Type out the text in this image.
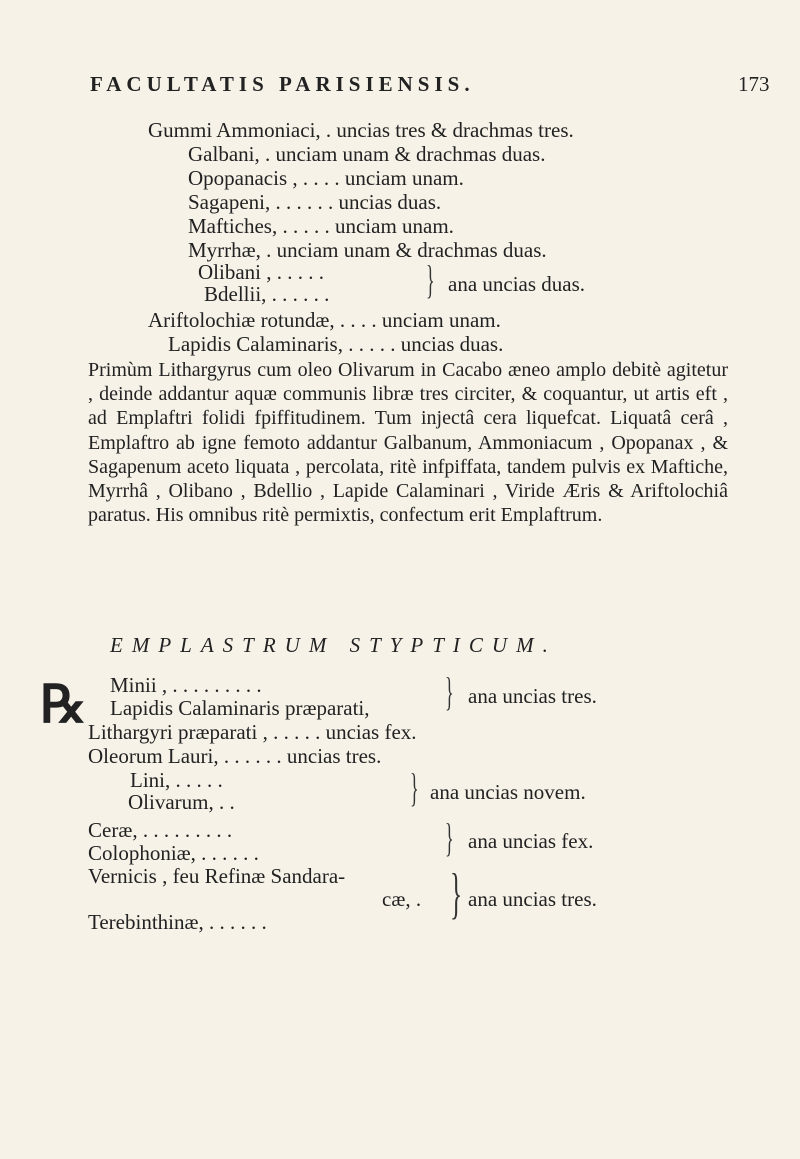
FACULTATIS PARISIENSIS.	173
Gummi Ammoniaci, . uncias tres & drachmas tres.
Galbani, . unciam unam & drachmas duas.
Opopanacis , . . . . unciam unam.
Sagapeni, . . . . . . uncias duas.
Maftiches, . . . . . unciam unam.
Myrrhæ, . unciam unam & drachmas duas.
Olibani , . . . . .
Bdellii, . . . . . . } ana uncias duas.
Ariftolochiæ rotundæ, . . . . unciam unam.
Lapidis Calaminaris, . . . . . uncias duas.
Primùm Lithargyrus cum oleo Olivarum in Cacabo æneo amplo debitè agitetur , deinde addantur aquæ communis libræ tres circiter, & coquantur, ut artis eft , ad Emplaftri folidi fpiffitudinem. Tum injectâ cera liquefcat. Liquatâ cerâ , Emplaftro ab igne femoto addantur Galbanum, Ammoniacum , Opopanax , & Sagapenum aceto liquata , percolata, ritè infpiffata, tandem pulvis ex Maftiche, Myrrhâ , Olibano , Bdellio , Lapide Calaminari , Viride Æris & Ariftolochiâ paratus. His omnibus ritè permixtis, confectum erit Emplaftrum.
EMPLASTRUM STYPTICUM.
℞ Minii , . . . . . . . . .
Lapidis Calaminaris præparati, } ana uncias tres.
Lithargyri præparati , . . . . . uncias fex.
Oleorum Lauri, . . . . . . uncias tres.
Lini, . . . . .
Olivarum, . .	} ana uncias novem.
Ceræ, . . . . . . . . .
Colophoniæ, . . . . . .	} ana uncias fex.
Vernicis , feu Refinæ Sandara-
cæ, .
Terebinthinæ, . . . . . .	} ana uncias tres.
